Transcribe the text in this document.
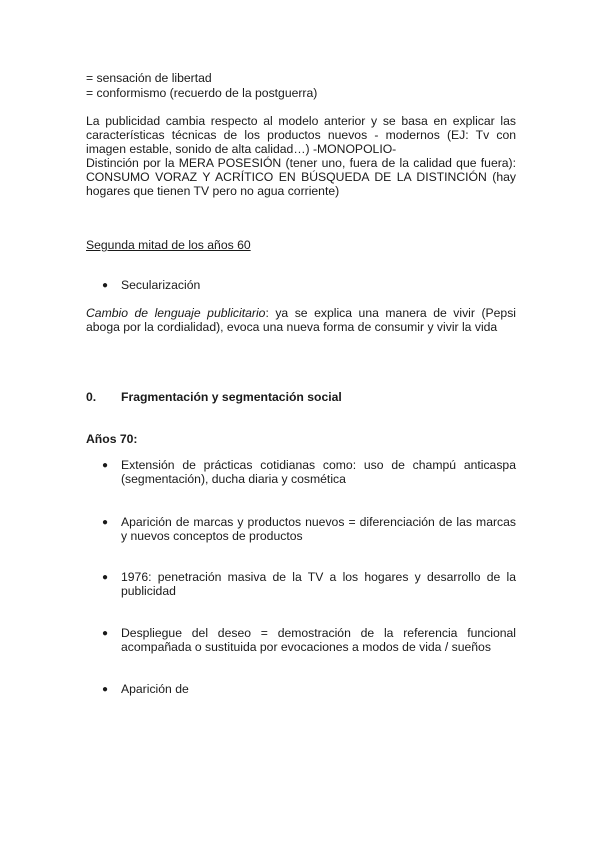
= sensación de libertad
= conformismo (recuerdo de la postguerra)
La publicidad cambia respecto al modelo anterior y se basa en explicar las características técnicas de los productos nuevos - modernos (EJ: Tv con imagen estable, sonido de alta calidad…) -MONOPOLIO-
Distinción por la MERA POSESIÓN (tener uno, fuera de la calidad que fuera): CONSUMO VORAZ Y ACRÍTICO EN BÚSQUEDA DE LA DISTINCIÓN (hay hogares que tienen TV pero no agua corriente)
Segunda mitad de los años 60
● Secularización
Cambio de lenguaje publicitario: ya se explica una manera de vivir (Pepsi aboga por la cordialidad), evoca una nueva forma de consumir y vivir la vida
0. Fragmentación y segmentación social
Años 70:
● Extensión de prácticas cotidianas como: uso de champú anticaspa (segmentación), ducha diaria y cosmética
● Aparición de marcas y productos nuevos = diferenciación de las marcas y nuevos conceptos de productos
● 1976: penetración masiva de la TV a los hogares y desarrollo de la publicidad
● Despliegue del deseo = demostración de la referencia funcional acompañada o sustituida por evocaciones a modos de vida / sueños
● Aparición de
